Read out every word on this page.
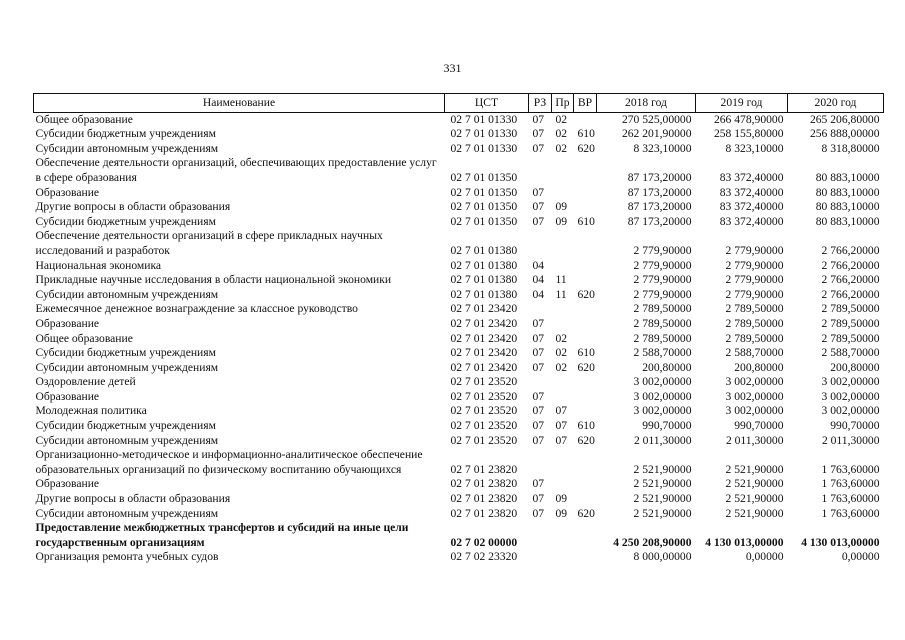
331
Наименование	ЦСТ	РЗ	Пр	ВР	2018 год	2019 год	2020 год
Общее образование	02 7 01 01330	07	02		270 525,00000	266 478,90000	265 206,80000
Субсидии бюджетным учреждениям	02 7 01 01330	07	02	610	262 201,90000	258 155,80000	256 888,00000
Субсидии автономным учреждениям	02 7 01 01330	07	02	620	8 323,10000	8 323,10000	8 318,80000
Обеспечение деятельности организаций, обеспечивающих предоставление услуг в сфере образования	02 7 01 01350				87 173,20000	83 372,40000	80 883,10000
Образование	02 7 01 01350	07			87 173,20000	83 372,40000	80 883,10000
Другие вопросы в области образования	02 7 01 01350	07	09		87 173,20000	83 372,40000	80 883,10000
Субсидии бюджетным учреждениям	02 7 01 01350	07	09	610	87 173,20000	83 372,40000	80 883,10000
Обеспечение деятельности организаций в сфере прикладных научных исследований и разработок	02 7 01 01380				2 779,90000	2 779,90000	2 766,20000
Национальная экономика	02 7 01 01380	04			2 779,90000	2 779,90000	2 766,20000
Прикладные научные исследования в области национальной экономики	02 7 01 01380	04	11		2 779,90000	2 779,90000	2 766,20000
Субсидии автономным учреждениям	02 7 01 01380	04	11	620	2 779,90000	2 779,90000	2 766,20000
Ежемесячное денежное вознаграждение за классное руководство	02 7 01 23420				2 789,50000	2 789,50000	2 789,50000
Образование	02 7 01 23420	07			2 789,50000	2 789,50000	2 789,50000
Общее образование	02 7 01 23420	07	02		2 789,50000	2 789,50000	2 789,50000
Субсидии бюджетным учреждениям	02 7 01 23420	07	02	610	2 588,70000	2 588,70000	2 588,70000
Субсидии автономным учреждениям	02 7 01 23420	07	02	620	200,80000	200,80000	200,80000
Оздоровление детей	02 7 01 23520				3 002,00000	3 002,00000	3 002,00000
Образование	02 7 01 23520	07			3 002,00000	3 002,00000	3 002,00000
Молодежная политика	02 7 01 23520	07	07		3 002,00000	3 002,00000	3 002,00000
Субсидии бюджетным учреждениям	02 7 01 23520	07	07	610	990,70000	990,70000	990,70000
Субсидии автономным учреждениям	02 7 01 23520	07	07	620	2 011,30000	2 011,30000	2 011,30000
Организационно-методическое и информационно-аналитическое обеспечение образовательных организаций по физическому воспитанию обучающихся	02 7 01 23820				2 521,90000	2 521,90000	1 763,60000
Образование	02 7 01 23820	07			2 521,90000	2 521,90000	1 763,60000
Другие вопросы в области образования	02 7 01 23820	07	09		2 521,90000	2 521,90000	1 763,60000
Субсидии автономным учреждениям	02 7 01 23820	07	09	620	2 521,90000	2 521,90000	1 763,60000
Предоставление межбюджетных трансфертов и субсидий на иные цели государственным организациям	02 7 02 00000				4 250 208,90000	4 130 013,00000	4 130 013,00000
Организация ремонта учебных судов	02 7 02 23320				8 000,00000	0,00000	0,00000
